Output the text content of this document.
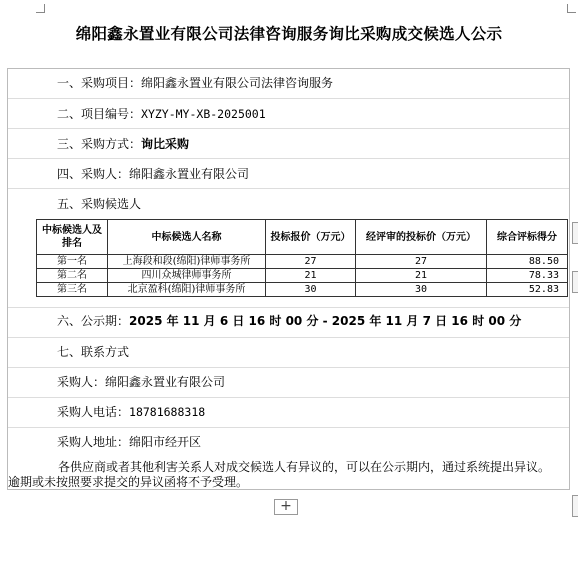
绵阳鑫永置业有限公司法律咨询服务询比采购成交候选人公示
一、采购项目：绵阳鑫永置业有限公司法律咨询服务
二、项目编号：XYZY-MY-XB-2025001
三、采购方式：询比采购
四、采购人：绵阳鑫永置业有限公司
五、采购候选人
中标候选人及排名	中标候选人名称	投标报价（万元）	经评审的投标价（万元）	综合评标得分
第一名	上海段和段(绵阳)律师事务所	27	27	88.50
第二名	四川众城律师事务所	21	21	78.33
第三名	北京盈科(绵阳)律师事务所	30	30	52.83
六、公示期：2025 年 11 月 6 日 16 时 00 分 - 2025 年 11 月 7 日 16 时 00 分
七、联系方式
采购人：绵阳鑫永置业有限公司
采购人电话：18781688318
采购人地址：绵阳市经开区
各供应商或者其他利害关系人对成交候选人有异议的，可以在公示期内，通过系统提出异议。
逾期或未按照要求提交的异议函将不予受理。
+
